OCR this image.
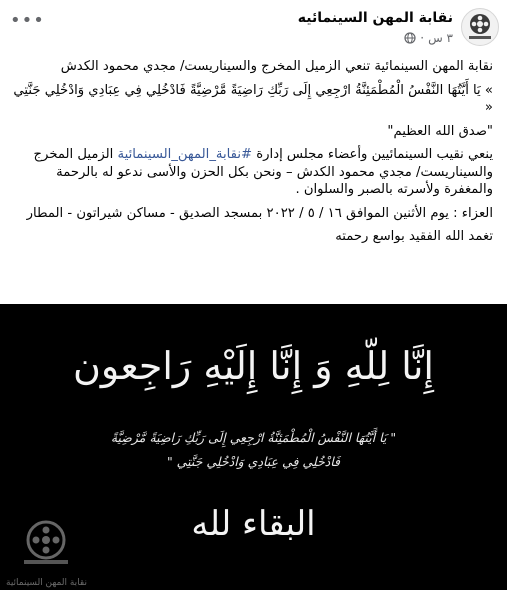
نقابة المهن السينمائيه
٣ س
·
•••

نقابة المهن السينمائية تنعي الزميل المخرج والسيناريست/ مجدي محمود الكدش

» يَا أَيَّتُهَا النَّفْسُ الْمُطْمَئِنَّةُ ارْجِعِي إِلَى رَبِّكِ رَاضِيَةً مَّرْضِيَّةً فَادْخُلِي فِي عِبَادِي وَادْخُلِي جَنَّتِي «

"صدق الله العظيم"

ينعي نقيب السينمائيين وأعضاء مجلس إدارة #نقابة_المهن_السينمائية الزميل المخرج والسيناريست/ مجدي محمود الكدش – ونحن بكل الحزن والأسى ندعو له بالرحمة والمغفرة ولأسرته بالصبر والسلوان .

العزاء : يوم الأثنين الموافق ١٦ / ٥ / ٢٠٢٢ بمسجد الصديق - مساكن شيراتون - المطار

تغمد الله الفقيد بواسع رحمته

إِنَّا لِلّهِ وَ إِنَّا إِلَيْهِ رَاجِعون
" يَا أَيَّتُهَا النَّفْسُ الْمُطْمَئِنَّةُ ارْجِعِي إِلَى رَبِّكِ رَاضِيَةً مَّرْضِيَّةً
فَادْخُلِي فِي عِبَادِي وَادْخُلِي جَنَّتِي "
البقاء لله
نقابة المهن السينمائية
